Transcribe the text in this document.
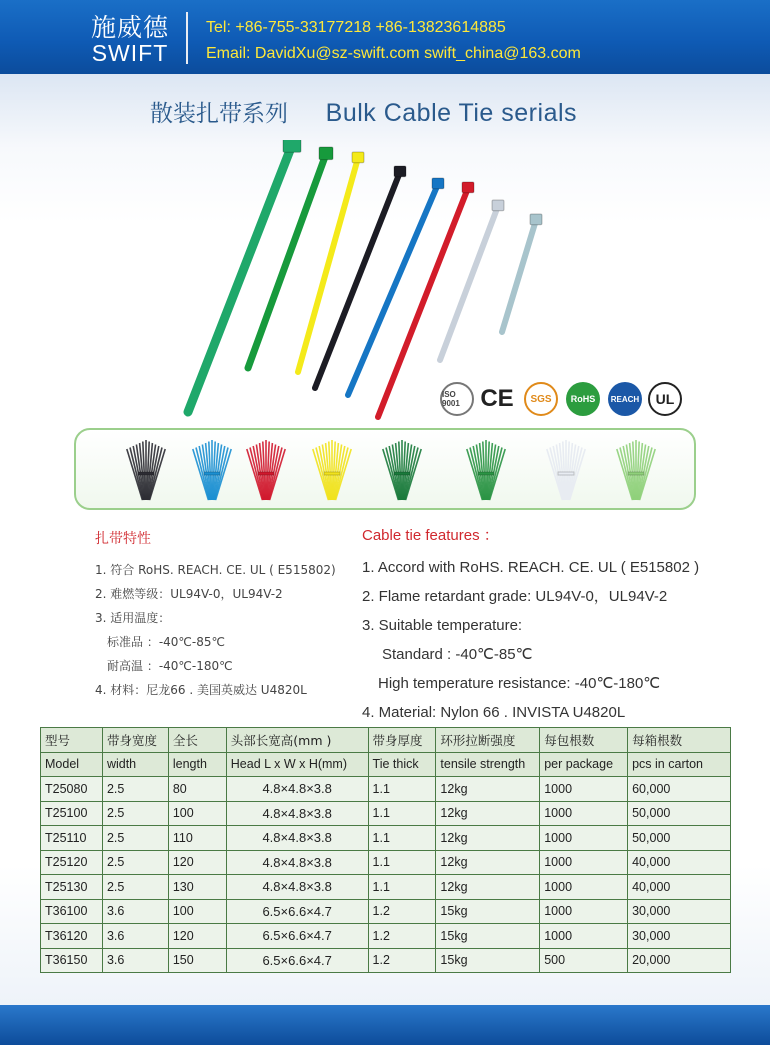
施威德
SWIFT
Tel: +86-755-33177218 +86-13823614885
Email: DavidXu@sz-swift.com swift_china@163.com
散装扎带系列 Bulk Cable Tie serials
ISO 9001 CE SGS RoHS REACH UL
扎带特性
1. 符合 RoHS. REACH. CE. UL ( E515802)
2. 难燃等级：UL94V-0，UL94V-2
3. 适用温度：
标准品 ：-40℃-85℃
耐高温 ：-40℃-180℃
4. 材料：尼龙66 . 美国英威达 U4820L
Cable tie features ：
1. Accord with RoHS. REACH. CE. UL ( E515802 )
2. Flame retardant grade: UL94V-0，UL94V-2
3. Suitable temperature:
Standard : -40℃-85℃
High temperature resistance: -40℃-180℃
4. Material: Nylon 66 . INVISTA U4820L
型号	带身宽度	全长	头部长宽高(mm )	带身厚度	环形拉断强度	每包根数	每箱根数
Model	width	length	Head L x W x H(mm)	Tie thick	tensile strength	per package	pcs in carton
T25080	2.5	80	4.8×4.8×3.8	1.1	12kg	1000	60,000
T25100	2.5	100	4.8×4.8×3.8	1.1	12kg	1000	50,000
T25110	2.5	110	4.8×4.8×3.8	1.1	12kg	1000	50,000
T25120	2.5	120	4.8×4.8×3.8	1.1	12kg	1000	40,000
T25130	2.5	130	4.8×4.8×3.8	1.1	12kg	1000	40,000
T36100	3.6	100	6.5×6.6×4.7	1.2	15kg	1000	30,000
T36120	3.6	120	6.5×6.6×4.7	1.2	15kg	1000	30,000
T36150	3.6	150	6.5×6.6×4.7	1.2	15kg	500	20,000
